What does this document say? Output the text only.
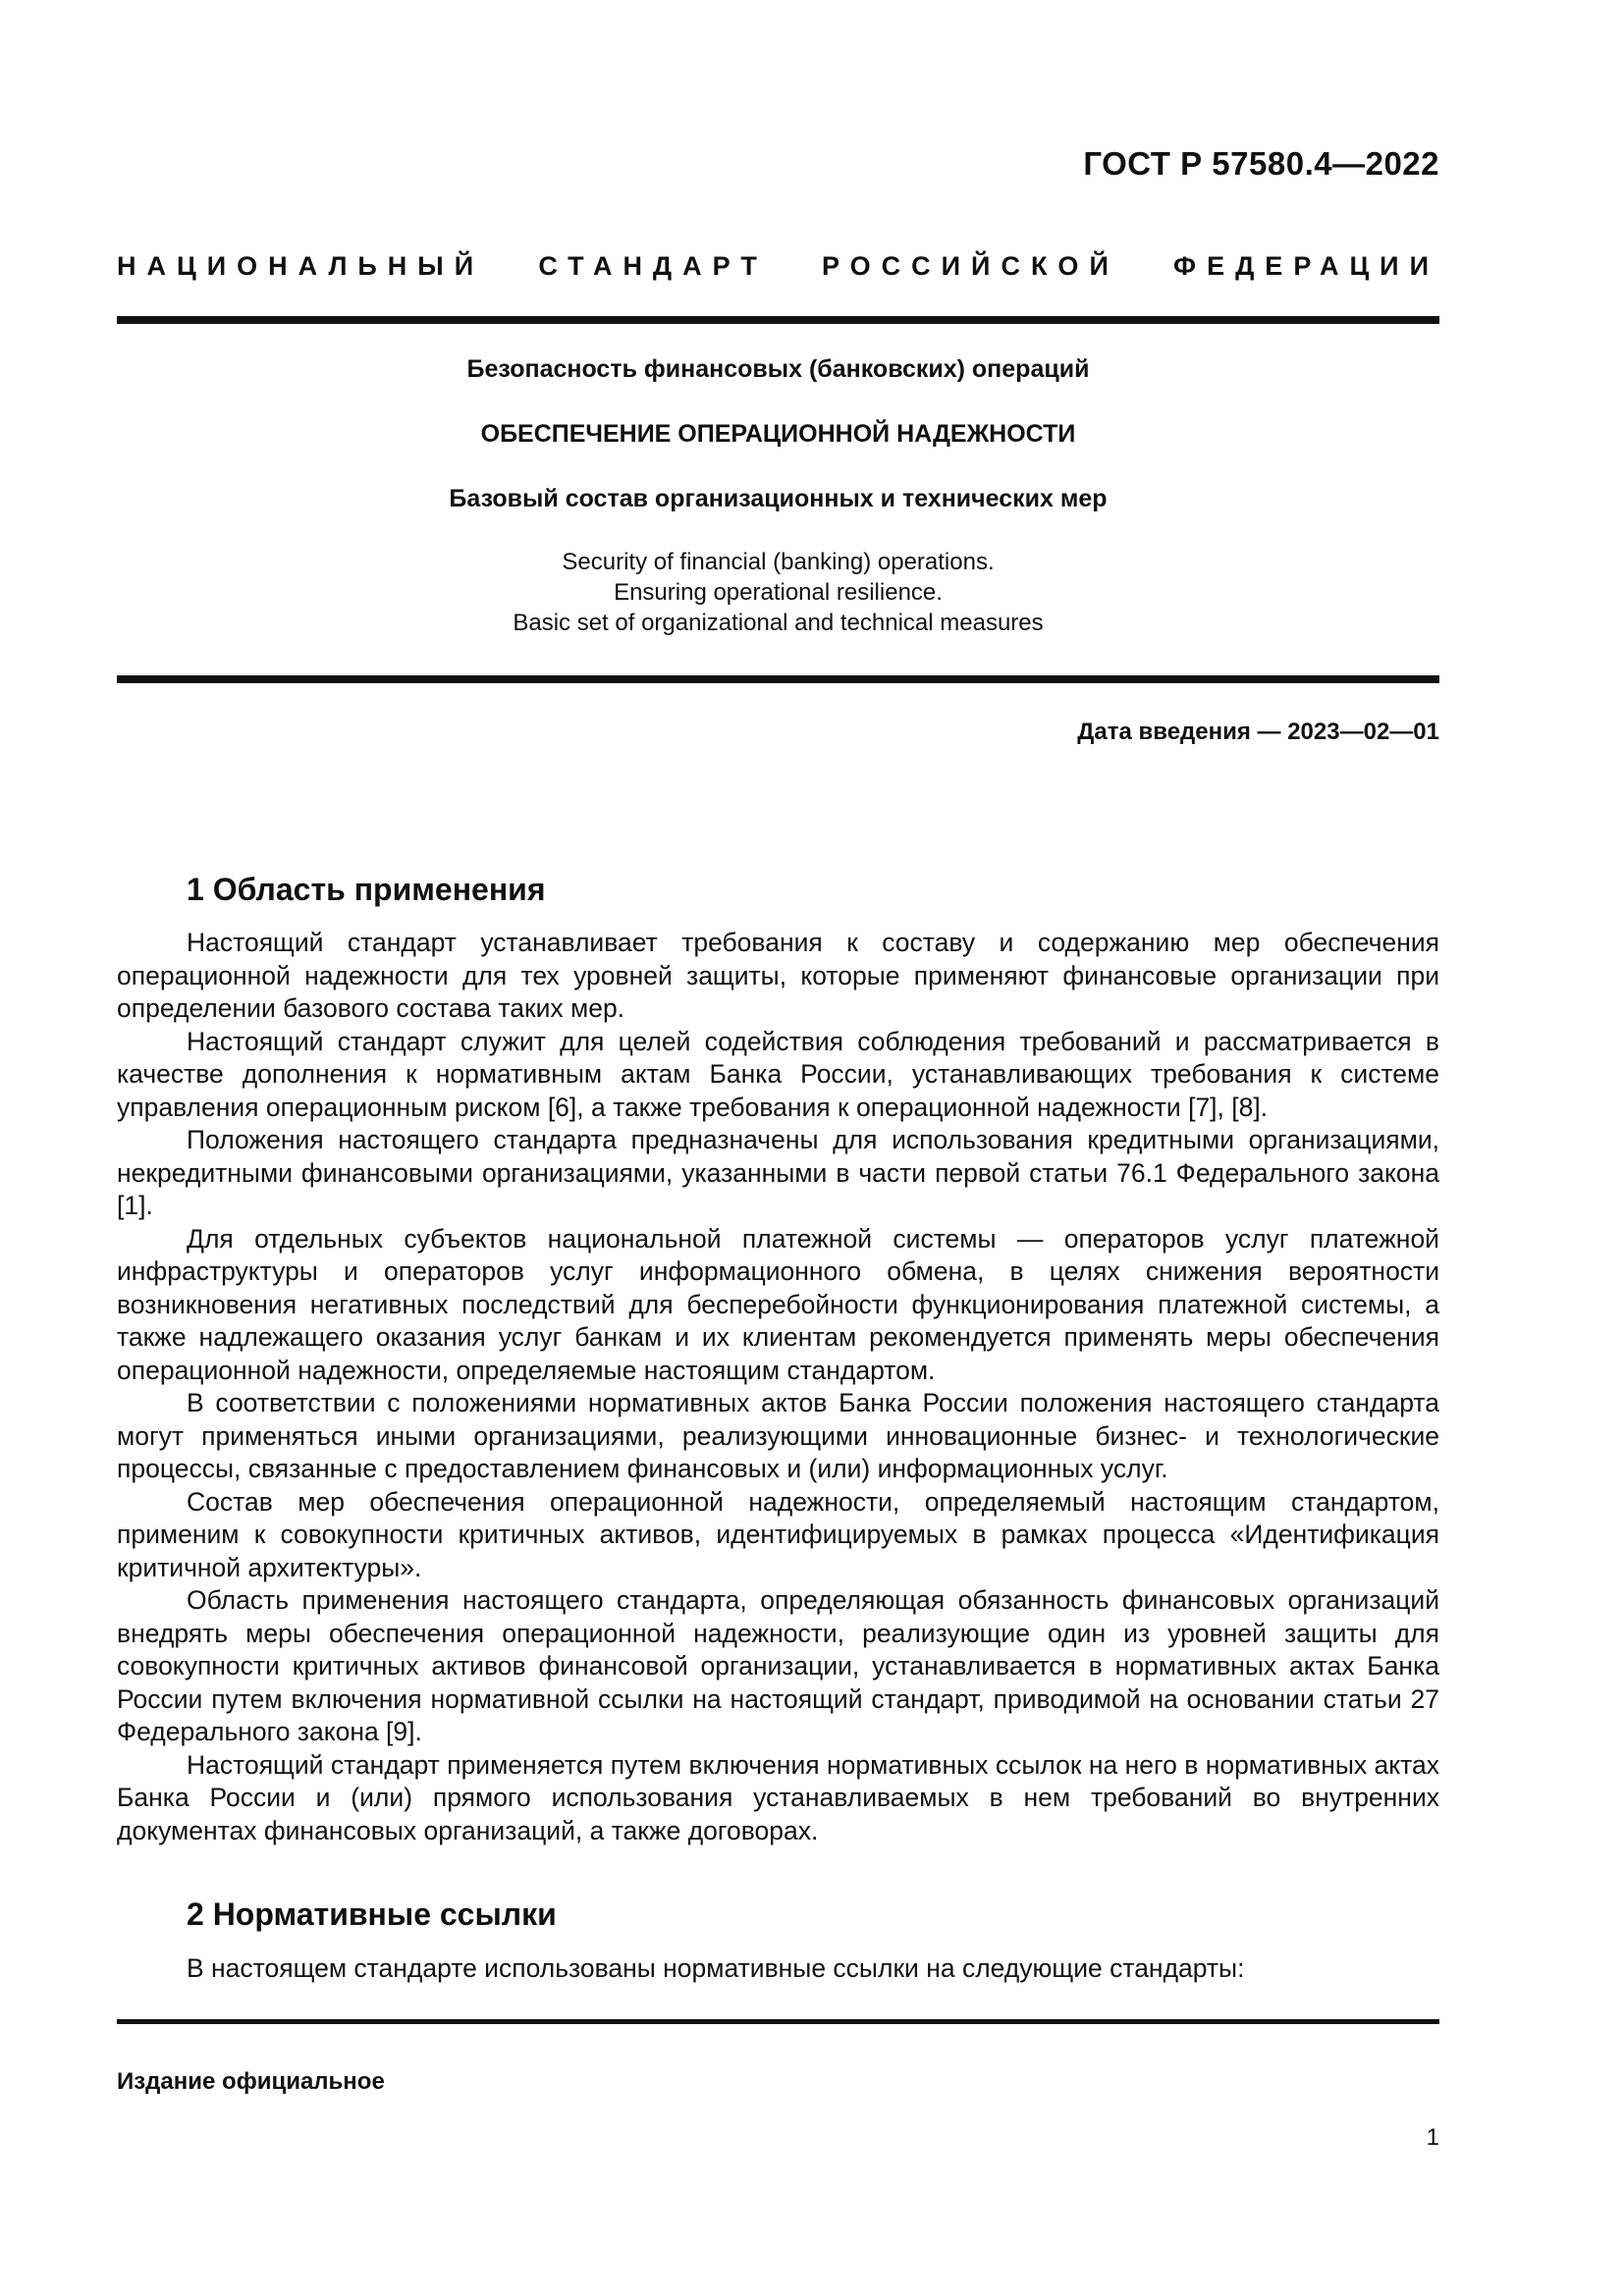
ГОСТ Р 57580.4—2022
НАЦИОНАЛЬНЫЙ СТАНДАРТ РОССИЙСКОЙ ФЕДЕРАЦИИ
Безопасность финансовых (банковских) операций
ОБЕСПЕЧЕНИЕ ОПЕРАЦИОННОЙ НАДЕЖНОСТИ
Базовый состав организационных и технических мер
Security of financial (banking) operations.
Ensuring operational resilience.
Basic set of organizational and technical measures
Дата введения — 2023—02—01
1 Область применения

Настоящий стандарт устанавливает требования к составу и содержанию мер обеспечения операционной надежности для тех уровней защиты, которые применяют финансовые организации при определении базового состава таких мер.

Настоящий стандарт служит для целей содействия соблюдения требований и рассматривается в качестве дополнения к нормативным актам Банка России, устанавливающих требования к системе управления операционным риском [6], а также требования к операционной надежности [7], [8].

Положения настоящего стандарта предназначены для использования кредитными организациями, некредитными финансовыми организациями, указанными в части первой статьи 76.1 Федерального закона [1].

Для отдельных субъектов национальной платежной системы — операторов услуг платежной инфраструктуры и операторов услуг информационного обмена, в целях снижения вероятности возникновения негативных последствий для бесперебойности функционирования платежной системы, а также надлежащего оказания услуг банкам и их клиентам рекомендуется применять меры обеспечения операционной надежности, определяемые настоящим стандартом.

В соответствии с положениями нормативных актов Банка России положения настоящего стандарта могут применяться иными организациями, реализующими инновационные бизнес- и технологические процессы, связанные с предоставлением финансовых и (или) информационных услуг.

Состав мер обеспечения операционной надежности, определяемый настоящим стандартом, применим к совокупности критичных активов, идентифицируемых в рамках процесса «Идентификация критичной архитектуры».

Область применения настоящего стандарта, определяющая обязанность финансовых организаций внедрять меры обеспечения операционной надежности, реализующие один из уровней защиты для совокупности критичных активов финансовой организации, устанавливается в нормативных актах Банка России путем включения нормативной ссылки на настоящий стандарт, приводимой на основании статьи 27 Федерального закона [9].

Настоящий стандарт применяется путем включения нормативных ссылок на него в нормативных актах Банка России и (или) прямого использования устанавливаемых в нем требований во внутренних документах финансовых организаций, а также договорах.

2 Нормативные ссылки

В настоящем стандарте использованы нормативные ссылки на следующие стандарты:

Издание официальное
1
